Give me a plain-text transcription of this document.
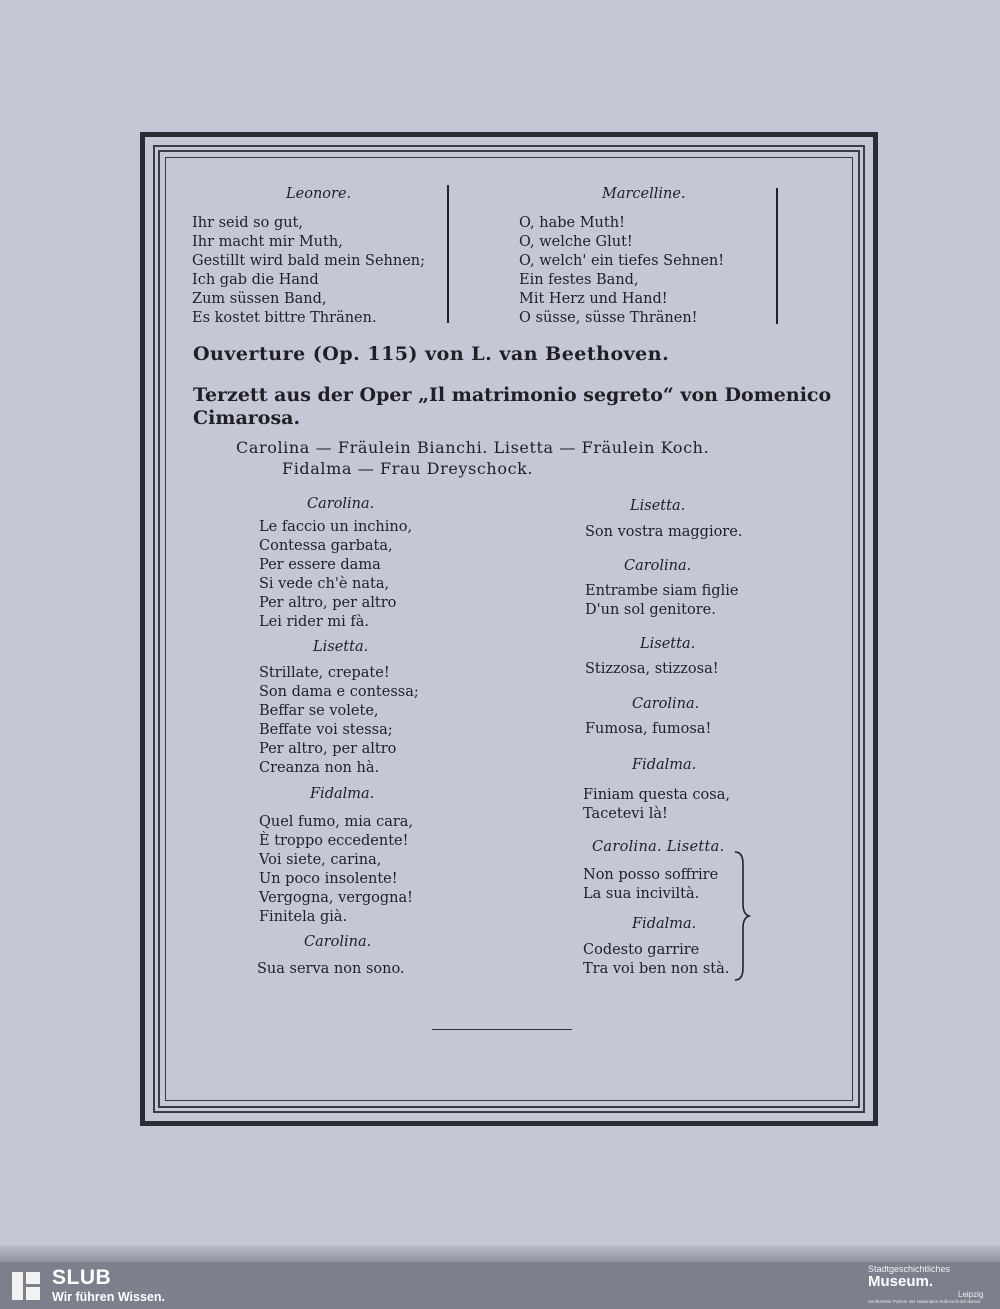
Leonore.	Marcelline.
Ihr seid so gut,
Ihr macht mir Muth,
Gestillt wird bald mein Sehnen;
Ich gab die Hand
Zum süssen Band,
Es kostet bittre Thränen.
O, habe Muth!
O, welche Glut!
O, welch' ein tiefes Sehnen!
Ein festes Band,
Mit Herz und Hand!
O süsse, süsse Thränen!
Ouverture (Op. 115) von L. van Beethoven.
Terzett aus der Oper „Il matrimonio segreto“ von Domenico Cimarosa.
Carolina — Fräulein Bianchi. Lisetta — Fräulein Koch.
Fidalma — Frau Dreyschock.
Carolina.
Le faccio un inchino,
Contessa garbata,
Per essere dama
Si vede ch'è nata,
Per altro, per altro
Lei rider mi fà.
Lisetta.
Strillate, crepate!
Son dama e contessa;
Beffar se volete,
Beffate voi stessa;
Per altro, per altro
Creanza non hà.
Fidalma.
Quel fumo, mia cara,
È troppo eccedente!
Voi siete, carina,
Un poco insolente!
Vergogna, vergogna!
Finitela già.
Carolina.
Sua serva non sono.
Lisetta.
Son vostra maggiore.
Carolina.
Entrambe siam figlie
D'un sol genitore.
Lisetta.
Stizzosa, stizzosa!
Carolina.
Fumosa, fumosa!
Fidalma.
Finiam questa cosa,
Tacetevi là!
Carolina. Lisetta.
Non posso soffrire
La sua inciviltà.
Fidalma.
Codesto garrire
Tra voi ben non stà.
SLUB
Wir führen Wissen.
Stadtgeschichtliches
Museum.
Leipzig
Zertifizierter Partner der Nationalen Kulturschutzinitiative
